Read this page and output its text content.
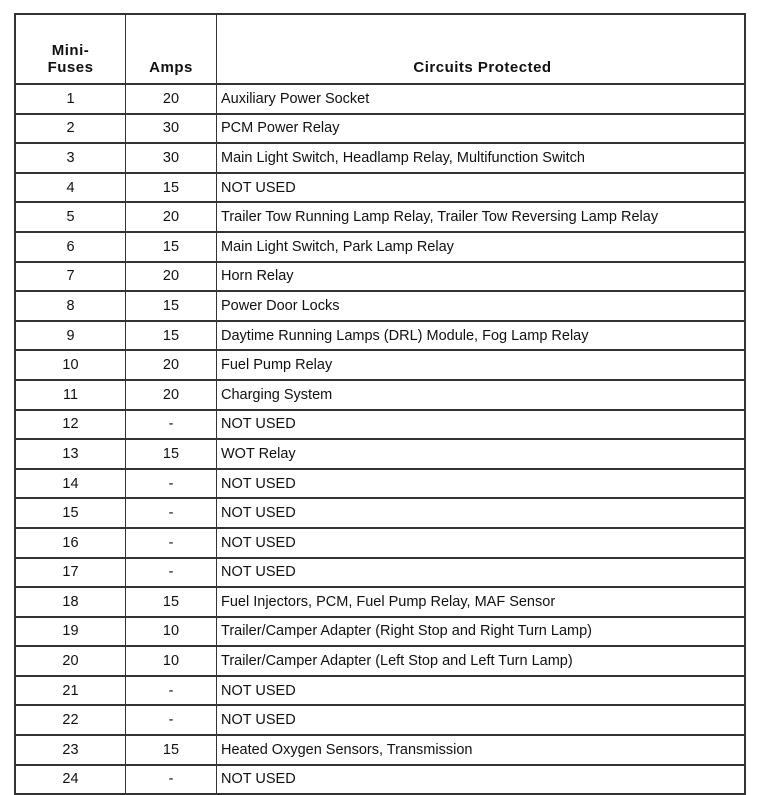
Mini-
Fuses	Amps	Circuits Protected
1	20	Auxiliary Power Socket
2	30	PCM Power Relay
3	30	Main Light Switch, Headlamp Relay, Multifunction Switch
4	15	NOT USED
5	20	Trailer Tow Running Lamp Relay, Trailer Tow Reversing Lamp Relay
6	15	Main Light Switch, Park Lamp Relay
7	20	Horn Relay
8	15	Power Door Locks
9	15	Daytime Running Lamps (DRL) Module, Fog Lamp Relay
10	20	Fuel Pump Relay
11	20	Charging System
12	-	NOT USED
13	15	WOT Relay
14	-	NOT USED
15	-	NOT USED
16	-	NOT USED
17	-	NOT USED
18	15	Fuel Injectors, PCM, Fuel Pump Relay, MAF Sensor
19	10	Trailer/Camper Adapter (Right Stop and Right Turn Lamp)
20	10	Trailer/Camper Adapter (Left Stop and Left Turn Lamp)
21	-	NOT USED
22	-	NOT USED
23	15	Heated Oxygen Sensors, Transmission
24	-	NOT USED
